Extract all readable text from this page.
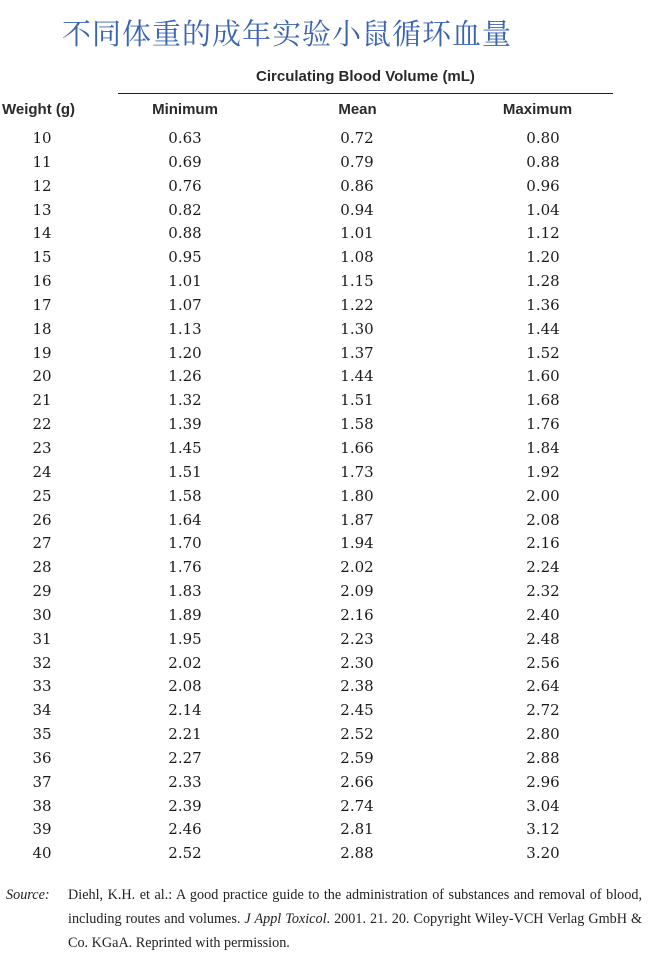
不同体重的成年实验小鼠循环血量
Circulating Blood Volume (mL)
Weight (g)	Minimum	Mean	Maximum
10	0.63	0.72	0.80
11	0.69	0.79	0.88
12	0.76	0.86	0.96
13	0.82	0.94	1.04
14	0.88	1.01	1.12
15	0.95	1.08	1.20
16	1.01	1.15	1.28
17	1.07	1.22	1.36
18	1.13	1.30	1.44
19	1.20	1.37	1.52
20	1.26	1.44	1.60
21	1.32	1.51	1.68
22	1.39	1.58	1.76
23	1.45	1.66	1.84
24	1.51	1.73	1.92
25	1.58	1.80	2.00
26	1.64	1.87	2.08
27	1.70	1.94	2.16
28	1.76	2.02	2.24
29	1.83	2.09	2.32
30	1.89	2.16	2.40
31	1.95	2.23	2.48
32	2.02	2.30	2.56
33	2.08	2.38	2.64
34	2.14	2.45	2.72
35	2.21	2.52	2.80
36	2.27	2.59	2.88
37	2.33	2.66	2.96
38	2.39	2.74	3.04
39	2.46	2.81	3.12
40	2.52	2.88	3.20
Source: Diehl, K.H. et al.: A good practice guide to the administration of substances and removal of blood, including routes and volumes. J Appl Toxicol. 2001. 21. 20. Copyright Wiley-VCH Verlag GmbH & Co. KGaA. Reprinted with permission.
